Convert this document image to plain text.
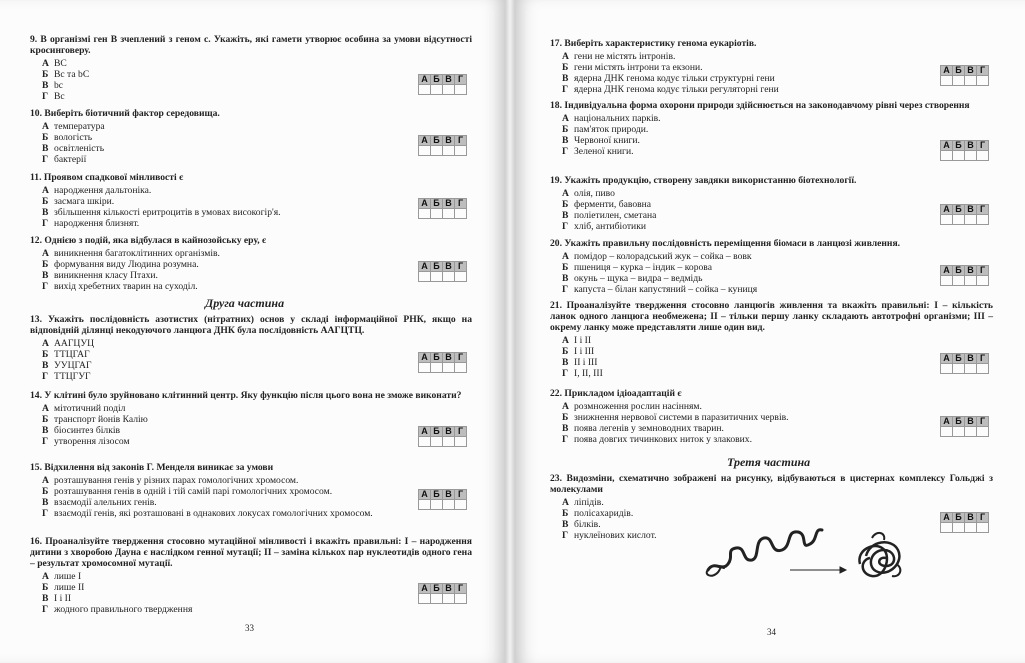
9. В організмі ген B зчеплений з геном c. Укажіть, які гамети утворює особина за умови відсутності кросинговеру.
А BC
Б Bc та bC
В bc
Г Bc
10. Виберіть біотичний фактор середовища.
А температура
Б вологість
В освітленість
Г бактерії
11. Проявом спадкової мінливості є
А народження дальтоніка.
Б засмага шкіри.
В збільшення кількості еритроцитів в умовах високогір'я.
Г народження близнят.
12. Однією з подій, яка відбулася в кайнозойську еру, є
А виникнення багатоклітинних організмів.
Б формування виду Людина розумна.
В виникнення класу Птахи.
Г вихід хребетних тварин на суходіл.
Друга частина
13. Укажіть послідовність азотистих (нітратних) основ у складі інформаційної РНК, якщо на відповідній ділянці некодуючого ланцюга ДНК була послідовність ААГЦТЦ.
А ААГЦУЦ
Б ТТЦГАГ
В УУЦГАГ
Г ТТЦГУГ
14. У клітині було зруйновано клітинний центр. Яку функцію після цього вона не зможе виконати?
А мітотичний поділ
Б транспорт йонів Калію
В біосинтез білків
Г утворення лізосом
15. Відхилення від законів Г. Менделя виникає за умови
А розташування генів у різних парах гомологічних хромосом.
Б розташування генів в одній і тій самій парі гомологічних хромосом.
В взаємодії алельних генів.
Г взаємодії генів, які розташовані в однакових локусах гомологічних хромосом.
16. Проаналізуйте твердження стосовно мутаційної мінливості і вкажіть правильні: І – народження дитини з хворобою Дауна є наслідком генної мутації; ІІ – заміна кількох пар нуклеотидів одного гена – результат хромосомної мутації.
А лише І
Б лише ІІ
В І і ІІ
Г жодного правильного твердження
33
17. Виберіть характеристику генома еукаріотів.
А гени не містять інтронів.
Б гени містять інтрони та екзони.
В ядерна ДНК генома кодує тільки структурні гени
Г ядерна ДНК генома кодує тільки регуляторні гени
18. Індивідуальна форма охорони природи здійснюється на законодавчому рівні через створення
А національних парків.
Б пам'яток природи.
В Червоної книги.
Г Зеленої книги.
19. Укажіть продукцію, створену завдяки використанню біотехнології.
А олія, пиво
Б ферменти, бавовна
В поліетилен, сметана
Г хліб, антибіотики
20. Укажіть правильну послідовність переміщення біомаси в ланцюзі живлення.
А помідор – колорадський жук – сойка – вовк
Б пшениця – курка – індик – корова
В окунь – щука – видра – ведмідь
Г капуста – білан капустяний – сойка – куниця
21. Проаналізуйте твердження стосовно ланцюгів живлення та вкажіть правильні: І – кількість ланок одного ланцюга необмежена; ІІ – тільки першу ланку складають автотрофні організми; ІІІ – окрему ланку може представляти лише один вид.
А І і ІІ
Б І і ІІІ
В ІІ і ІІІ
Г І, ІІ, ІІІ
22. Прикладом ідіоадаптацій є
А розмноження рослин насінням.
Б знижнення нервової системи в паразитичних червів.
В поява легенів у земноводних тварин.
Г поява довгих тичинкових ниток у злакових.
Третя частина
23. Видозміни, схематично зображені на рисунку, відбуваються в цистернах комплексу Гольджі з молекулами
А ліпідів.
Б полісахаридів.
В білків.
Г нуклеїнових кислот.
34
А	Б	В	Г

А	Б	В	Г

А	Б	В	Г

А	Б	В	Г

А	Б	В	Г

А	Б	В	Г

А	Б	В	Г

А	Б	В	Г

А	Б	В	Г

А	Б	В	Г

А	Б	В	Г

А	Б	В	Г

А	Б	В	Г

А	Б	В	Г

А	Б	В	Г
